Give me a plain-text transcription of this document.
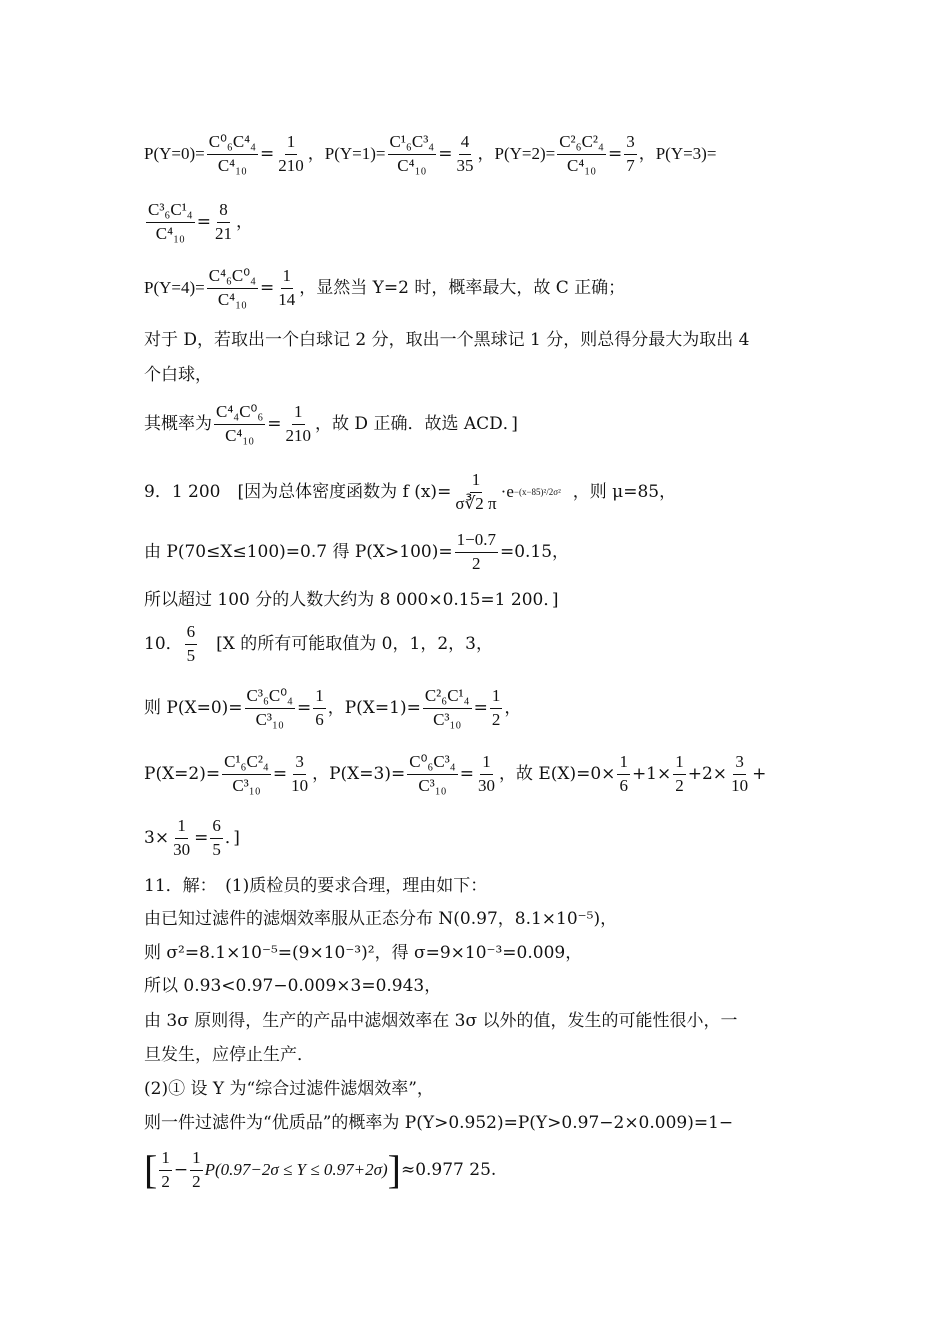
$P(Y=0)= \frac{\text{C⁰₆C⁴₄}}{\text{C⁴₁₀}} = \frac{1}{210}$ ，$P(Y=1)= \frac{\text{C¹₆C³₄}}{\text{C⁴₁₀}} = \frac{4}{35}$ ，$P(Y=2)= \frac{\text{C²₆C²₄}}{\text{C⁴₁₀}} = \frac{3}{7}$ ，P(Y=3)=
$\frac{\text{C³₆C¹₄}}{\text{C⁴₁₀}} = \frac{8}{21}$ ，
$P(Y=4)= \frac{\text{C⁴₆C⁰₄}}{\text{C⁴₁₀}} = \frac{1}{14}$ ，显然当 Y=2 时，概率最大，故 C 正确；
对于 D，若取出一个白球记 2 分，取出一个黑球记 1 分，则总得分最大为取出 4
个白球，
其概率为 $\frac{\text{C⁴₄C⁰₆}}{\text{C⁴₁₀}} = \frac{1}{210}$ ，故 D 正确．故选 ACD．]
9．1 200　[因为总体密度函数为 f $(x)= \frac{1}{\sigma∛2 \pi} \cdot e -(x-85)^2/2\sigma^2$ ，则 μ=85，
由 P(70≤X≤100)=0.7 得 $P(X>100)= \frac{1-0.7}{2} =0.15$，
所以超过 100 分的人数大约为 8 000×0.15=1 200．]
10． $\frac{6}{5}$ 　[X 的所有可能取值为 0，1，2，3，
则 $P(X=0)= \frac{\text{C³₆C⁰₄}}{\text{C³₁₀}} = \frac{1}{6}$ ，$P(X=1)= \frac{\text{C²₆C¹₄}}{\text{C³₁₀}} = \frac{1}{2}$ ，
$P(X=2)= \frac{\text{C¹₆C²₄}}{\text{C³₁₀}} = \frac{3}{10}$ ，$P(X=3)= \frac{\text{C⁰₆C³₄}}{\text{C³₁₀}} = \frac{1}{30}$ ，故 $E(X)=0\times \frac{1}{6} +1\times \frac{1}{2} +2\times \frac{3}{10}$ +
$3\times \frac{1}{30} = \frac{6}{5}$ ．]
11．解：　(1)质检员的要求合理，理由如下：
由已知过滤件的滤烟效率服从正态分布 N(0.97，8.1×10⁻⁵)，
则 σ²=8.1×10⁻⁵=(9×10⁻³)²，得 σ=9×10⁻³=0.009，
所以 0.93<0.97−0.009×3=0.943，
由 3σ 原则得，生产的产品中滤烟效率在 3σ 以外的值，发生的可能性很小，一
旦发生，应停止生产．
(2)① 设 Y 为“综合过滤件滤烟效率”，
则一件过滤件为“优质品”的概率为 P(Y>0.952)=P(Y>0.97−2×0.009)=1−
[ $\frac{1}{2} - \frac{1}{2} P(0.97-2\sigma \le Y \le 0.97+2\sigma)$ ] ≈0.977 25.
